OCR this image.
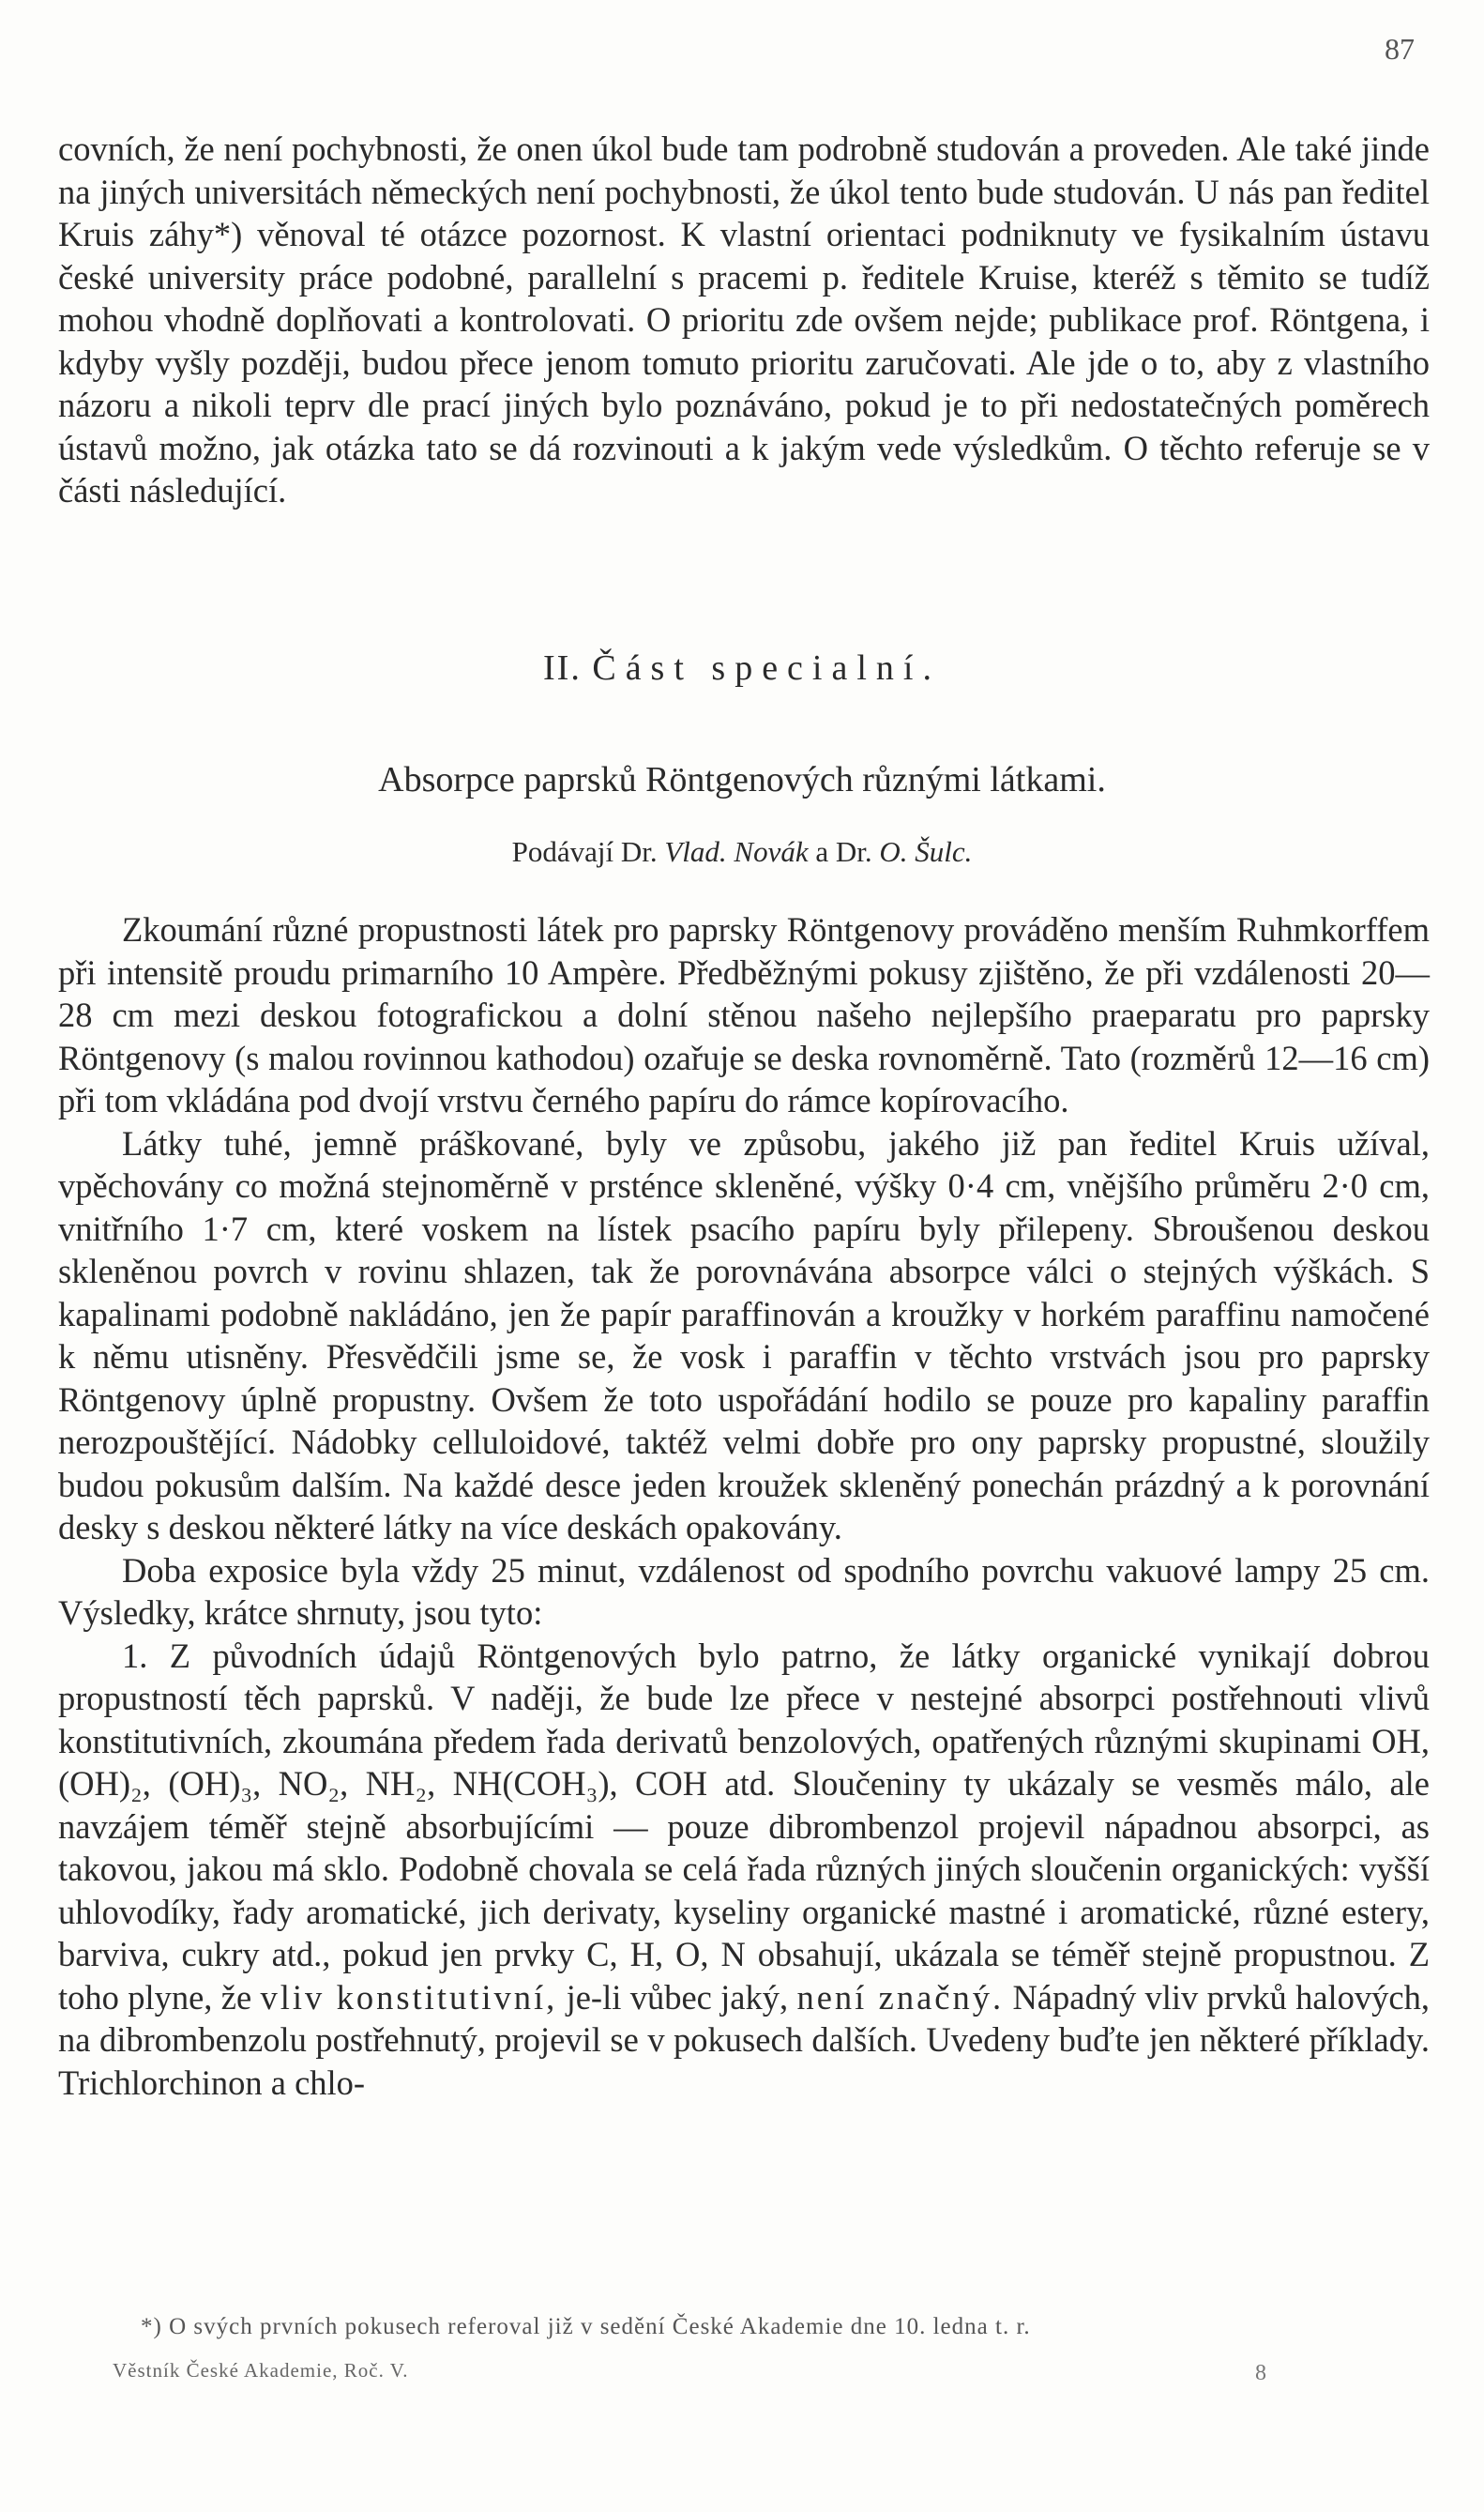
87

covních, že není pochybnosti, že onen úkol bude tam podrobně studován a proveden. Ale také jinde na jiných universitách německých není pochybnosti, že úkol tento bude studován. U nás pan ředitel Kruis záhy*) věnoval té otázce pozornost. K vlastní orientaci podniknuty ve fysikalním ústavu české university práce podobné, parallelní s pracemi p. ředitele Kruise, kteréž s těmito se tudíž mohou vhodně doplňovati a kontrolovati. O prioritu zde ovšem nejde; publikace prof. Röntgena, i kdyby vyšly později, budou přece jenom tomuto prioritu zaručovati. Ale jde o to, aby z vlastního názoru a nikoli teprv dle prací jiných bylo poznáváno, pokud je to při nedostatečných poměrech ústavů možno, jak otázka tato se dá rozvinouti a k jakým vede výsledkům. O těchto referuje se v části následující.

II. Část specialní.
Absorpce paprsků Röntgenových různými látkami.
Podávají Dr. Vlad. Novák a Dr. O. Šulc.

Zkoumání různé propustnosti látek pro paprsky Röntgenovy prováděno menším Ruhmkorffem při intensitě proudu primarního 10 Ampère. Předběžnými pokusy zjištěno, že při vzdálenosti 20—28 cm mezi deskou fotografickou a dolní stěnou našeho nejlepšího praeparatu pro paprsky Röntgenovy (s malou rovinnou kathodou) ozařuje se deska rovnoměrně. Tato (rozměrů 12—16 cm) při tom vkládána pod dvojí vrstvu černého papíru do rámce kopírovacího.

Látky tuhé, jemně práškované, byly ve způsobu, jakého již pan ředitel Kruis užíval, vpěchovány co možná stejnoměrně v prsténce skleněné, výšky 0·4 cm, vnějšího průměru 2·0 cm, vnitřního 1·7 cm, které voskem na lístek psacího papíru byly přilepeny. Sbroušenou deskou skleněnou povrch v rovinu shlazen, tak že porovnávána absorpce válci o stejných výškách. S kapalinami podobně nakládáno, jen že papír paraffinován a kroužky v horkém paraffinu namočené k němu utisněny. Přesvědčili jsme se, že vosk i paraffin v těchto vrstvách jsou pro paprsky Röntgenovy úplně propustny. Ovšem že toto uspořádání hodilo se pouze pro kapaliny paraffin nerozpouštějící. Nádobky celluloidové, taktéž velmi dobře pro ony paprsky propustné, sloužily budou pokusům dalším. Na každé desce jeden kroužek skleněný ponechán prázdný a k porovnání desky s deskou některé látky na více deskách opakovány.

Doba exposice byla vždy 25 minut, vzdálenost od spodního povrchu vakuové lampy 25 cm. Výsledky, krátce shrnuty, jsou tyto:

1. Z původních údajů Röntgenových bylo patrno, že látky organické vynikají dobrou propustností těch paprsků. V naději, že bude lze přece v nestejné absorpci postřehnouti vlivů konstitutivních, zkoumána předem řada derivatů benzolových, opatřených různými skupinami OH, (OH)₂, (OH)₃, NO₂, NH₂, NH(COH₃), COH atd. Sloučeniny ty ukázaly se vesměs málo, ale navzájem téměř stejně absorbujícími — pouze dibrombenzol projevil nápadnou absorpci, as takovou, jakou má sklo. Podobně chovala se celá řada různých jiných sloučenin organických: vyšší uhlovodíky, řady aromatické, jich derivaty, kyseliny organické mastné i aromatické, různé estery, barviva, cukry atd., pokud jen prvky C, H, O, N obsahují, ukázala se téměř stejně propustnou. Z toho plyne, že vliv konstitutivní, je-li vůbec jaký, není značný. Nápadný vliv prvků halových, na dibrombenzolu postřehnutý, projevil se v pokusech dalších. Uvedeny buďte jen některé příklady. Trichlorchinon a chlo-

*) O svých prvních pokusech referoval již v sedění České Akademie dne 10. ledna t. r.
Věstník České Akademie, Roč. V.	8
